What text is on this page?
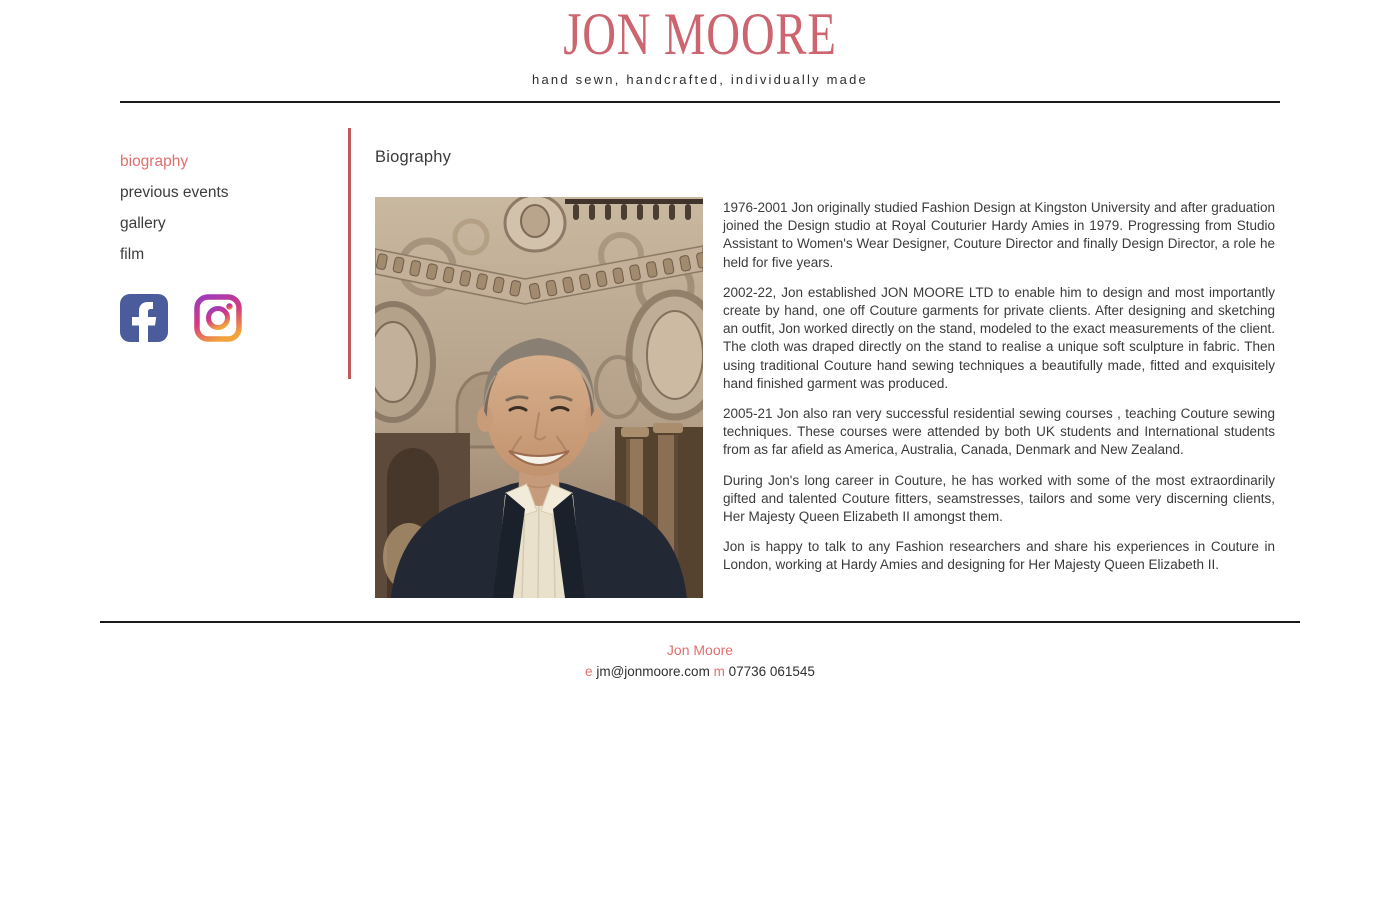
JON MOORE
hand sewn, handcrafted, individually made
biography
previous events
gallery
film
Biography

1976-2001 Jon originally studied Fashion Design at Kingston University and after graduation joined the Design studio at Royal Couturier Hardy Amies in 1979. Progressing from Studio Assistant to Women's Wear Designer, Couture Director and finally Design Director, a role he held for five years.

2002-22, Jon established JON MOORE LTD to enable him to design and most importantly create by hand, one off Couture garments for private clients. After designing and sketching an outfit, Jon worked directly on the stand, modeled to the exact measurements of the client. The cloth was draped directly on the stand to realise a unique soft sculpture in fabric. Then using traditional Couture hand sewing techniques a beautifully made, fitted and exquisitely hand finished garment was produced.

2005-21 Jon also ran very successful residential sewing courses , teaching Couture sewing techniques. These courses were attended by both UK students and International students from as far afield as America, Australia, Canada, Denmark and New Zealand.

During Jon's long career in Couture, he has worked with some of the most extraordinarily gifted and talented Couture fitters, seamstresses, tailors and some very discerning clients, Her Majesty Queen Elizabeth II amongst them.

Jon is happy to talk to any Fashion researchers and share his experiences in Couture in London, working at Hardy Amies and designing for Her Majesty Queen Elizabeth II.

Jon Moore
e jm@jonmoore.com m 07736 061545
